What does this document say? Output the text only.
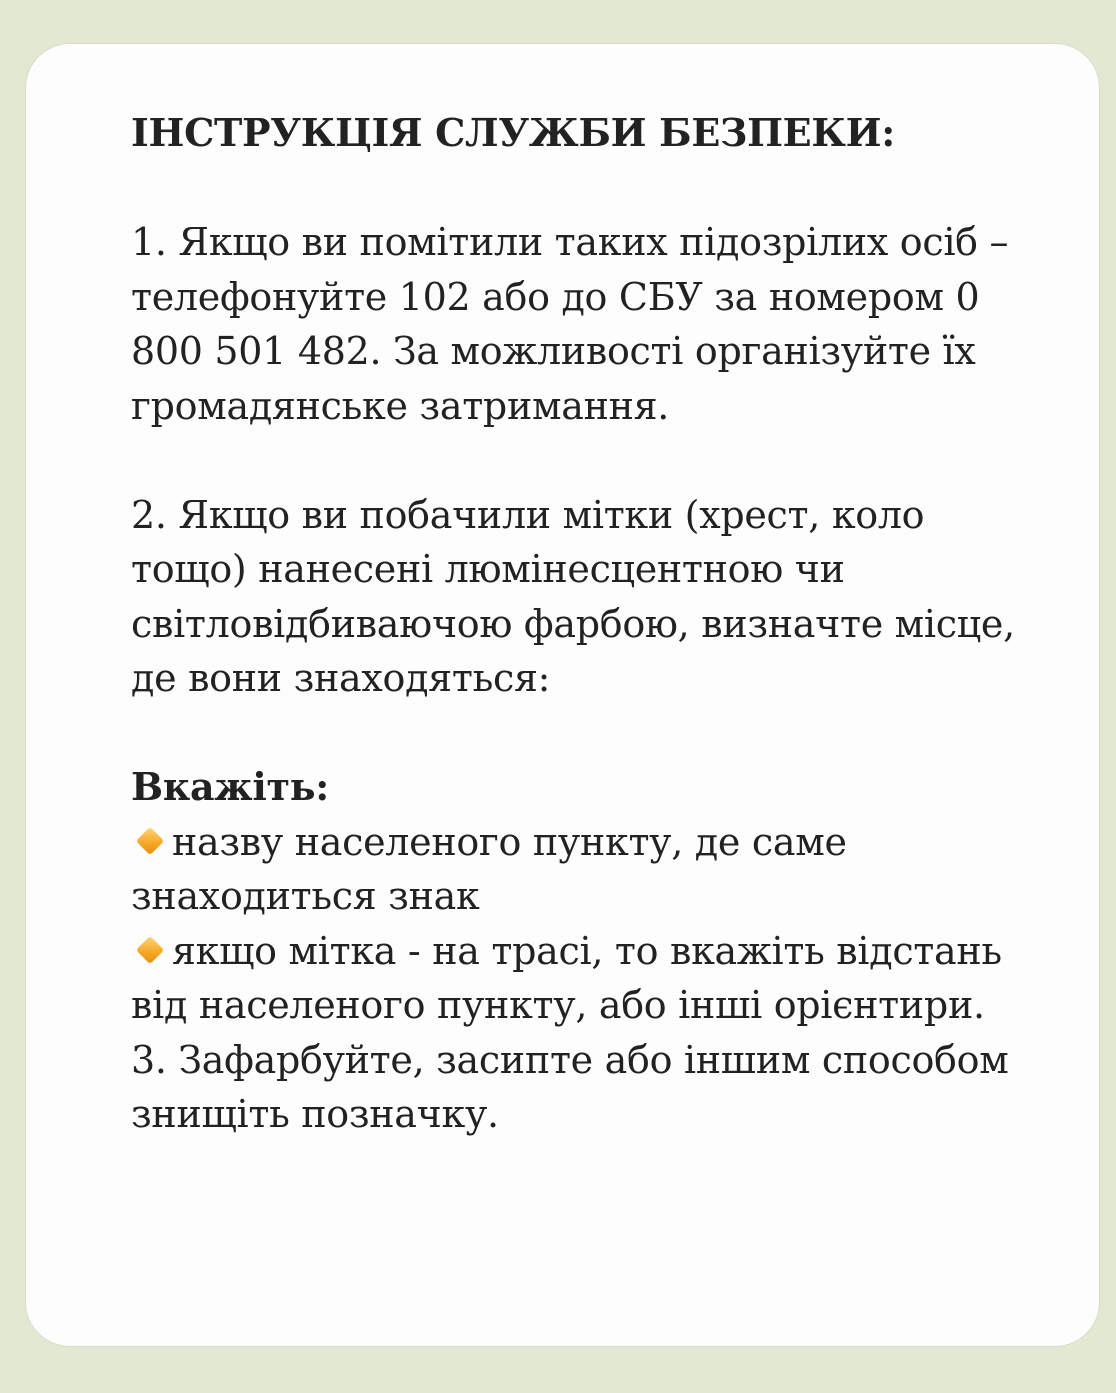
ІНСТРУКЦІЯ СЛУЖБИ БЕЗПЕКИ:
1. Якщо ви помітили таких підозрілих осіб – телефонуйте 102 або до СБУ за номером 0 800 501 482. За можливості організуйте їх громадянське затримання.
2. Якщо ви побачили мітки (хрест, коло тощо) нанесені люмінесцентною чи світловідбиваючою фарбою, визначте місце, де вони знаходяться:
Вкажіть:
назву населеного пункту, де саме знаходиться знак
якщо мітка - на трасі, то вкажіть відстань від населеного пункту, або інші орієнтири.
3. Зафарбуйте, засипте або іншим способом знищіть позначку.
